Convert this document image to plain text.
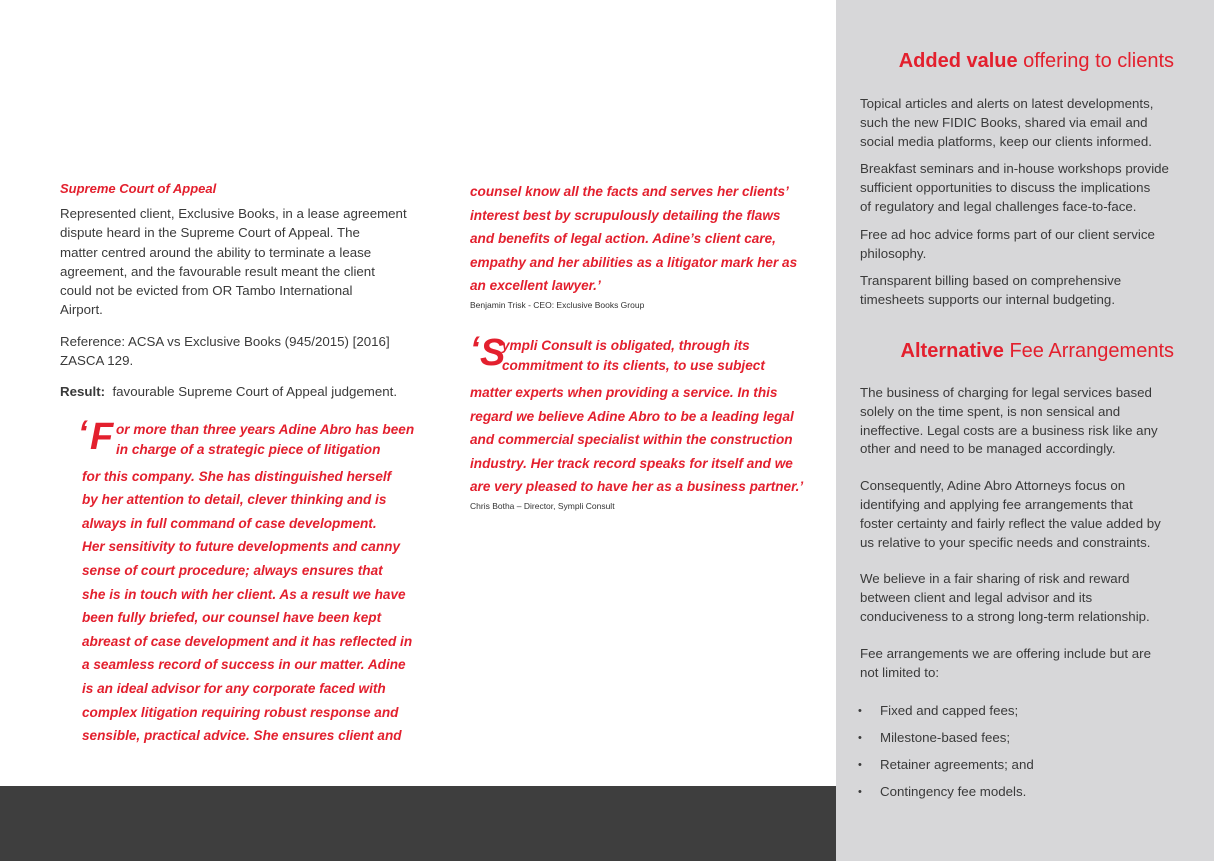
Supreme Court of Appeal

Represented client, Exclusive Books, in a lease agreement
dispute heard in the Supreme Court of Appeal. The
matter centred around the ability to terminate a lease
agreement, and the favourable result meant the client
could not be evicted from OR Tambo International
Airport.

Reference: ACSA vs Exclusive Books (945/2015) [2016]
ZASCA 129.

Result: favourable Supreme Court of Appeal judgement.

‘ F or more than three years Adine Abro has been
in charge of a strategic piece of litigation
for this company. She has distinguished herself
by her attention to detail, clever thinking and is
always in full command of case development.
Her sensitivity to future developments and canny
sense of court procedure; always ensures that
she is in touch with her client. As a result we have
been fully briefed, our counsel have been kept
abreast of case development and it has reflected in
a seamless record of success in our matter. Adine
is an ideal advisor for any corporate faced with
complex litigation requiring robust response and
sensible, practical advice. She ensures client and
counsel know all the facts and serves her clients’
interest best by scrupulously detailing the flaws
and benefits of legal action. Adine’s client care,
empathy and her abilities as a litigator mark her as
an excellent lawyer.’

Benjamin Trisk - CEO: Exclusive Books Group

‘ S
ympli Consult is obligated, through its
commitment to its clients, to use subject
matter experts when providing a service. In this
regard we believe Adine Abro to be a leading legal
and commercial specialist within the construction
industry. Her track record speaks for itself and we
are very pleased to have her as a business partner.’

Chris Botha – Director, Sympli Consult

Added value offering to clients

Topical articles and alerts on latest developments,
such the new FIDIC Books, shared via email and
social media platforms, keep our clients informed.

Breakfast seminars and in-house workshops provide
sufficient opportunities to discuss the implications
of regulatory and legal challenges face-to-face.

Free ad hoc advice forms part of our client service
philosophy.

Transparent billing based on comprehensive
timesheets supports our internal budgeting.

Alternative Fee Arrangements

The business of charging for legal services based
solely on the time spent, is non sensical and
ineffective. Legal costs are a business risk like any
other and need to be managed accordingly.

Consequently, Adine Abro Attorneys focus on
identifying and applying fee arrangements that
foster certainty and fairly reflect the value added by
us relative to your specific needs and constraints.

We believe in a fair sharing of risk and reward
between client and legal advisor and its
conduciveness to a strong long-term relationship.

Fee arrangements we are offering include but are
not limited to:

• Fixed and capped fees;
• Milestone-based fees;
• Retainer agreements; and
• Contingency fee models.
